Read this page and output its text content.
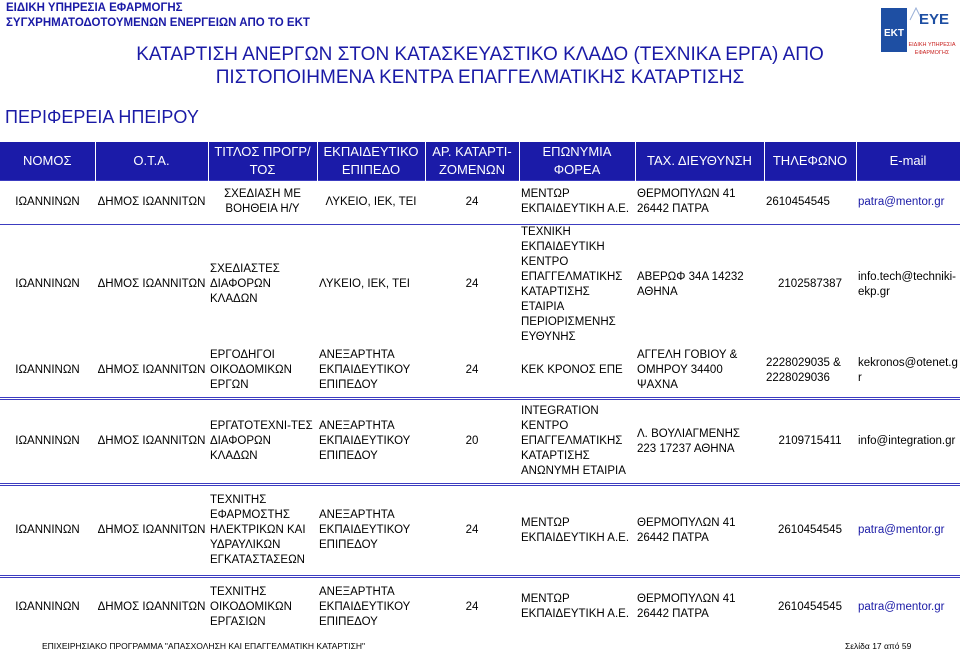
ΕΙΔΙΚΗ ΥΠΗΡΕΣΙΑ ΕΦΑΡΜΟΓΗΣ
ΣΥΓΧΡΗΜΑΤΟΔΟΤΟΥΜΕΝΩΝ ΕΝΕΡΓΕΙΩΝ ΑΠΟ ΤΟ ΕΚΤ
ΚΑΤΑΡΤΙΣΗ ΑΝΕΡΓΩΝ ΣΤΟΝ ΚΑΤΑΣΚΕΥΑΣΤΙΚΟ ΚΛΑΔΟ (ΤΕΧΝΙΚΑ ΕΡΓΑ) ΑΠΟ
ΠΙΣΤΟΠΟΙΗΜΕΝΑ ΚΕΝΤΡΑ ΕΠΑΓΓΕΛΜΑΤΙΚΗΣ ΚΑΤΑΡΤΙΣΗΣ
ΠΕΡΙΦΕΡΕΙΑ ΗΠΕΙΡΟΥ
ΕΚΤ
ΕΥΕ
ΕΙΔΙΚΗ ΥΠΗΡΕΣΙΑ
ΕΦΑΡΜΟΓΗΣ
ΝΟΜΟΣ	Ο.Τ.Α.	ΤΙΤΛΟΣ ΠΡΟΓΡ/ΤΟΣ	ΕΚΠΑΙΔΕΥΤΙΚΟ ΕΠΙΠΕΔΟ	ΑΡ. ΚΑΤΑΡΤΙ-ΖΟΜΕΝΩΝ	ΕΠΩΝΥΜΙΑ ΦΟΡΕΑ	ΤΑΧ. ΔΙΕΥΘΥΝΣΗ	ΤΗΛΕΦΩΝΟ	E-mail
ΙΩΑΝΝΙΝΩΝ	ΔΗΜΟΣ ΙΩΑΝΝΙΤΩΝ	ΣΧΕΔΙΑΣΗ ΜΕ ΒΟΗΘΕΙΑ Η/Υ	ΛΥΚΕΙΟ, ΙΕΚ, ΤΕΙ	24	ΜΕΝΤΩΡ ΕΚΠΑΙΔΕΥΤΙΚΗ Α.Ε.	ΘΕΡΜΟΠΥΛΩΝ 41 26442 ΠΑΤΡΑ	2610454545	patra@mentor.gr
ΙΩΑΝΝΙΝΩΝ	ΔΗΜΟΣ ΙΩΑΝΝΙΤΩΝ	ΣΧΕΔΙΑΣΤΕΣ ΔΙΑΦΟΡΩΝ ΚΛΑΔΩΝ	ΛΥΚΕΙΟ, ΙΕΚ, ΤΕΙ	24	ΤΕΧΝΙΚΗ ΕΚΠΑΙΔΕΥΤΙΚΗ ΚΕΝΤΡΟ ΕΠΑΓΓΕΛΜΑΤΙΚΗΣ ΚΑΤΑΡΤΙΣΗΣ ΕΤΑΙΡΙΑ ΠΕΡΙΟΡΙΣΜΕΝΗΣ ΕΥΘΥΝΗΣ	ΑΒΕΡΩΦ 34Α 14232 ΑΘΗΝΑ	2102587387	info.tech@techniki-ekp.gr
ΙΩΑΝΝΙΝΩΝ	ΔΗΜΟΣ ΙΩΑΝΝΙΤΩΝ	ΕΡΓΟΔΗΓΟΙ ΟΙΚΟΔΟΜΙΚΩΝ ΕΡΓΩΝ	ΑΝΕΞΑΡΤΗΤΑ ΕΚΠΑΙΔΕΥΤΙΚΟΥ ΕΠΙΠΕΔΟΥ	24	ΚΕΚ ΚΡΟΝΟΣ ΕΠΕ	ΑΓΓΕΛΗ ΓΟΒΙΟΥ & ΟΜΗΡΟΥ 34400 ΨΑΧΝΑ	2228029035 & 2228029036	kekronos@otenet.gr
ΙΩΑΝΝΙΝΩΝ	ΔΗΜΟΣ ΙΩΑΝΝΙΤΩΝ	ΕΡΓΑΤΟΤΕΧΝΙ-ΤΕΣ ΔΙΑΦΟΡΩΝ ΚΛΑΔΩΝ	ΑΝΕΞΑΡΤΗΤΑ ΕΚΠΑΙΔΕΥΤΙΚΟΥ ΕΠΙΠΕΔΟΥ	20	INTEGRATION ΚΕΝΤΡΟ ΕΠΑΓΓΕΛΜΑΤΙΚΗΣ ΚΑΤΑΡΤΙΣΗΣ ΑΝΩΝΥΜΗ ΕΤΑΙΡΙΑ	Λ. ΒΟΥΛΙΑΓΜΕΝΗΣ 223 17237 ΑΘΗΝΑ	2109715411	info@integration.gr
ΙΩΑΝΝΙΝΩΝ	ΔΗΜΟΣ ΙΩΑΝΝΙΤΩΝ	ΤΕΧΝΙΤΗΣ ΕΦΑΡΜΟΣΤΗΣ ΗΛΕΚΤΡΙΚΩΝ ΚΑΙ ΥΔΡΑΥΛΙΚΩΝ ΕΓΚΑΤΑΣΤΑΣΕΩΝ	ΑΝΕΞΑΡΤΗΤΑ ΕΚΠΑΙΔΕΥΤΙΚΟΥ ΕΠΙΠΕΔΟΥ	24	ΜΕΝΤΩΡ ΕΚΠΑΙΔΕΥΤΙΚΗ Α.Ε.	ΘΕΡΜΟΠΥΛΩΝ 41 26442 ΠΑΤΡΑ	2610454545	patra@mentor.gr
ΙΩΑΝΝΙΝΩΝ	ΔΗΜΟΣ ΙΩΑΝΝΙΤΩΝ	ΤΕΧΝΙΤΗΣ ΟΙΚΟΔΟΜΙΚΩΝ ΕΡΓΑΣΙΩΝ	ΑΝΕΞΑΡΤΗΤΑ ΕΚΠΑΙΔΕΥΤΙΚΟΥ ΕΠΙΠΕΔΟΥ	24	ΜΕΝΤΩΡ ΕΚΠΑΙΔΕΥΤΙΚΗ Α.Ε.	ΘΕΡΜΟΠΥΛΩΝ 41 26442 ΠΑΤΡΑ	2610454545	patra@mentor.gr
ΕΠΙΧΕΙΡΗΣΙΑΚΟ ΠΡΟΓΡΑΜΜΑ "ΑΠΑΣΧΟΛΗΣΗ ΚΑΙ ΕΠΑΓΓΕΛΜΑΤΙΚΗ ΚΑΤΑΡΤΙΣΗ"	Σελίδα 17 από 59
